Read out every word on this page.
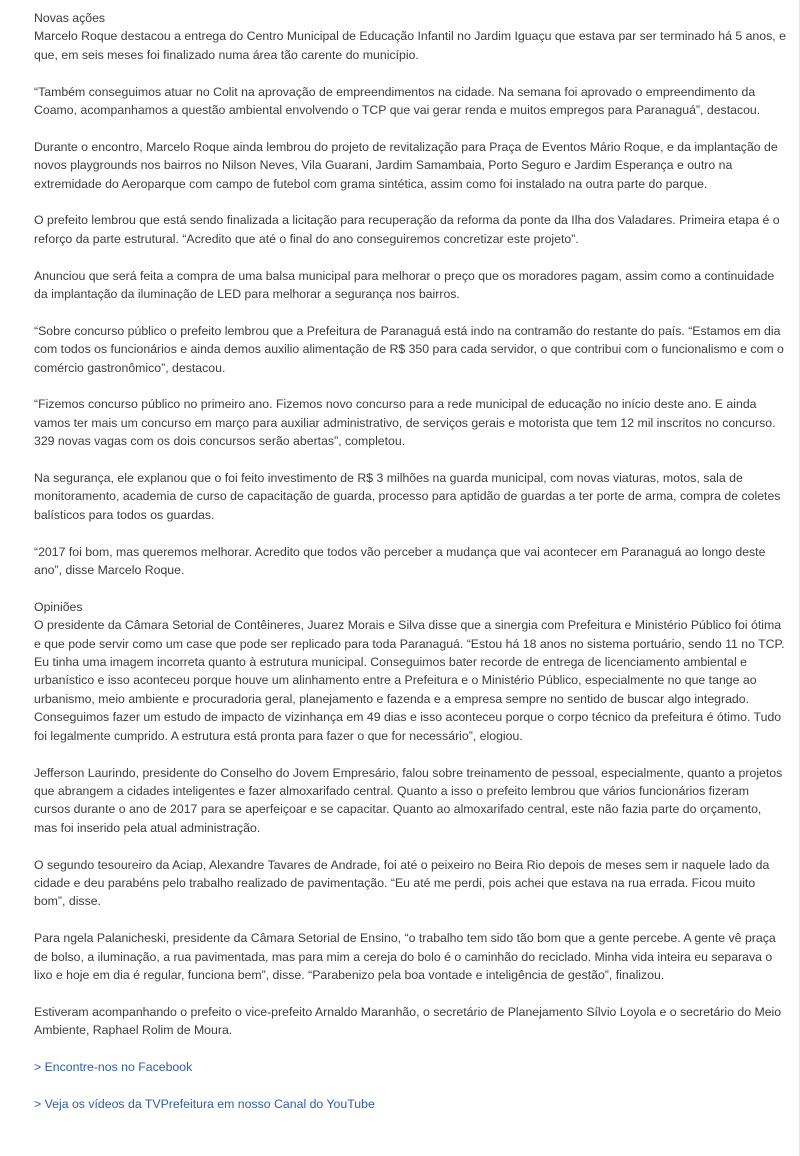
Novas ações

Marcelo Roque destacou a entrega do Centro Municipal de Educação Infantil no Jardim Iguaçu que estava par ser terminado há 5 anos, e que, em seis meses foi finalizado numa área tão carente do município.

“Também conseguimos atuar no Colit na aprovação de empreendimentos na cidade. Na semana foi aprovado o empreendimento da Coamo, acompanhamos a questão ambiental envolvendo o TCP que vai gerar renda e muitos empregos para Paranaguá”, destacou.

Durante o encontro, Marcelo Roque ainda lembrou do projeto de revitalização para Praça de Eventos Mário Roque, e da implantação de novos playgrounds nos bairros no Nilson Neves, Vila Guarani, Jardim Samambaia, Porto Seguro e Jardim Esperança e outro na extremidade do Aeroparque com campo de futebol com grama sintética, assim como foi instalado na outra parte do parque.

O prefeito lembrou que está sendo finalizada a licitação para recuperação da reforma da ponte da Ilha dos Valadares. Primeira etapa é o reforço da parte estrutural. “Acredito que até o final do ano conseguiremos concretizar este projeto”.

Anunciou que será feita a compra de uma balsa municipal para melhorar o preço que os moradores pagam, assim como a continuidade da implantação da iluminação de LED para melhorar a segurança nos bairros.

“Sobre concurso público o prefeito lembrou que a Prefeitura de Paranaguá está indo na contramão do restante do país. “Estamos em dia com todos os funcionários e ainda demos auxilio alimentação de R$ 350 para cada servidor, o que contribui com o funcionalismo e com o comércio gastronômico”, destacou.

“Fizemos concurso público no primeiro ano. Fizemos novo concurso para a rede municipal de educação no início deste ano. E ainda vamos ter mais um concurso em março para auxiliar administrativo, de serviços gerais e motorista que tem 12 mil inscritos no concurso. 329 novas vagas com os dois concursos serão abertas”, completou.

Na segurança, ele explanou que o foi feito investimento de R$ 3 milhões na guarda municipal, com novas viaturas, motos, sala de monitoramento, academia de curso de capacitação de guarda, processo para aptidão de guardas a ter porte de arma, compra de coletes balísticos para todos os guardas.

“2017 foi bom, mas queremos melhorar. Acredito que todos vão perceber a mudança que vai acontecer em Paranaguá ao longo deste ano”, disse Marcelo Roque.

Opiniões

O presidente da Câmara Setorial de Contêineres, Juarez Morais e Silva disse que a sinergia com Prefeitura e Ministério Público foi ótima e que pode servir como um case que pode ser replicado para toda Paranaguá. “Estou há 18 anos no sistema portuário, sendo 11 no TCP. Eu tinha uma imagem incorreta quanto à estrutura municipal. Conseguimos bater recorde de entrega de licenciamento ambiental e urbanístico e isso aconteceu porque houve um alinhamento entre a Prefeitura e o Ministério Público, especialmente no que tange ao urbanismo, meio ambiente e procuradoria geral, planejamento e fazenda e a empresa sempre no sentido de buscar algo integrado. Conseguimos fazer um estudo de impacto de vizinhança em 49 dias e isso aconteceu porque o corpo técnico da prefeitura é ótimo. Tudo foi legalmente cumprido. A estrutura está pronta para fazer o que for necessário”, elogiou.

Jefferson Laurindo, presidente do Conselho do Jovem Empresário, falou sobre treinamento de pessoal, especialmente, quanto a projetos que abrangem a cidades inteligentes e fazer almoxarifado central. Quanto a isso o prefeito lembrou que vários funcionários fizeram cursos durante o ano de 2017 para se aperfeiçoar e se capacitar. Quanto ao almoxarifado central, este não fazia parte do orçamento, mas foi inserido pela atual administração.

O segundo tesoureiro da Aciap, Alexandre Tavares de Andrade, foi até o peixeiro no Beira Rio depois de meses sem ir naquele lado da cidade e deu parabéns pelo trabalho realizado de pavimentação. “Eu até me perdi, pois achei que estava na rua errada. Ficou muito bom”, disse.

Para ngela Palanicheski, presidente da Câmara Setorial de Ensino, “o trabalho tem sido tão bom que a gente percebe. A gente vê praça de bolso, a iluminação, a rua pavimentada, mas para mim a cereja do bolo é o caminhão do reciclado. Minha vida inteira eu separava o lixo e hoje em dia é regular, funciona bem”, disse. “Parabenizo pela boa vontade e inteligência de gestão”, finalizou.

Estiveram acompanhando o prefeito o vice-prefeito Arnaldo Maranhão, o secretário de Planejamento Sílvio Loyola e o secretário do Meio Ambiente, Raphael Rolim de Moura.

> Encontre-nos no Facebook

> Veja os vídeos da TVPrefeitura em nosso Canal do YouTube
